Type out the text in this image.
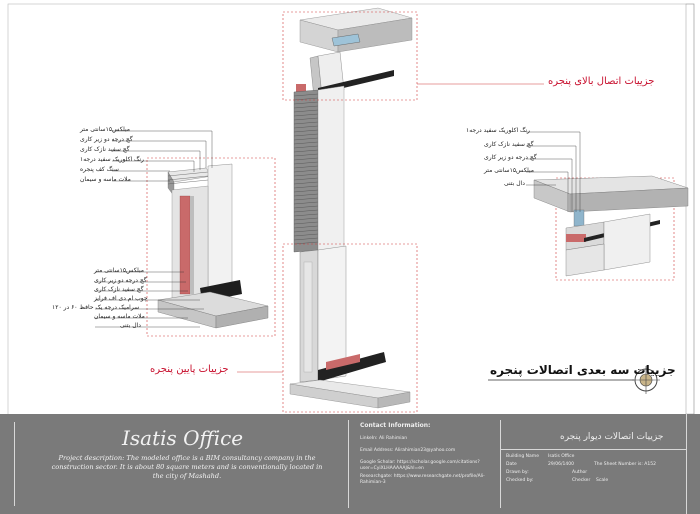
جزییات اتصال بالای پنجره
جزییات پایین پنجره	جزییات سه بعدی اتصالات پنجره
مبلکس۱۵سانتی متر
گچ درجه دو زیر کاری
گچ سفید نازک کاری
رنگ اکلوریک سفید درجه۱
سنگ کف پنجره
ملات ماسه و سیمان
مبلکس۱۵سانتی متر
گچ درجه دو زیر کاری
گچ سفید نازک کاری
چوب ام دی اف فرایز
سرامیک درجه یک حافظ ۶۰ در ۱۲۰
ملات ماسه و سیمان
دال بتنی
رنگ اکلوریک سفید درجه۱
گچ سفید نازک کاری
گچ درجه دو زیر کاری
مبلکس۱۵سانتی متر
دال بتنی
Isatis Office
Project description: The modeled office is a BIM consultancy company in the construction sector. It is about 80 square meters and is conventionally located in the city of Mashahd.
Contact Information:
LinkeIn: Ali Rahimian
Email Address: Alirahimian23@yahoo.com
Google Scholar: https://scholar.google.com/citations?user=CyiXLHAAAAAJ&hl=en
Researchgate: https://www.researchgate.net/profile/Ali-Rahimian-3
جزییات اتصالات دیوار پنجره
Building Name Isatis Office
Date	29/06/1400
Drawn by:	Author
Checked by:	Checker
The Sheet Number is: A152
Scale
